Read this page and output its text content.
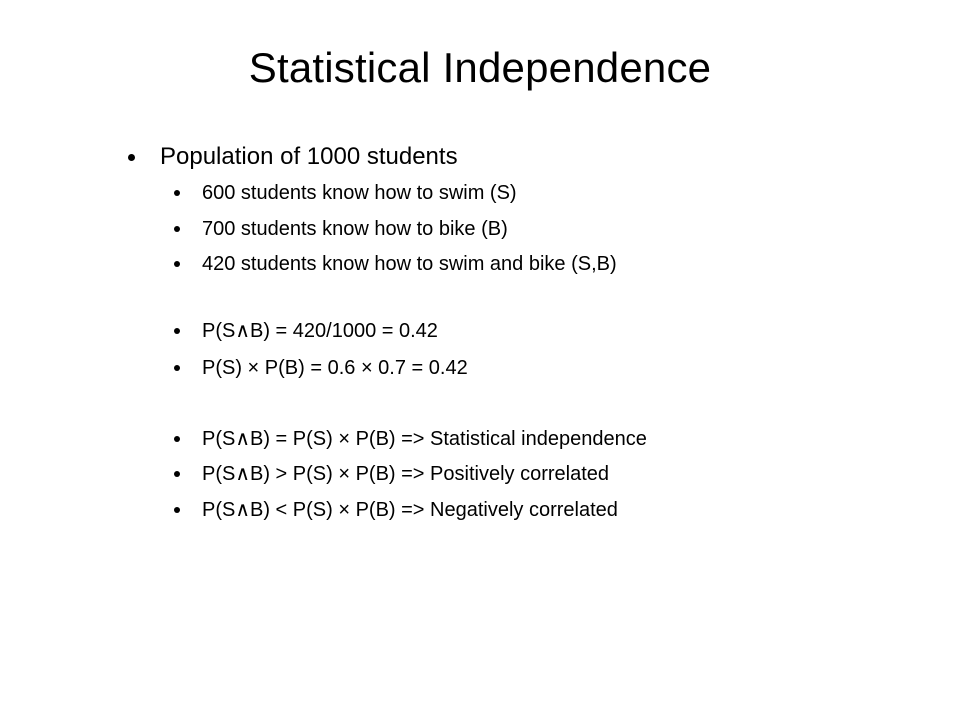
Statistical Independence
Population of 1000 students
600 students know how to swim (S)
700 students know how to bike (B)
420 students know how to swim and bike (S,B)
P(S∧B) = 420/1000 = 0.42
P(S) × P(B) = 0.6 × 0.7 = 0.42
P(S∧B) = P(S) × P(B) => Statistical independence
P(S∧B) > P(S) × P(B) => Positively correlated
P(S∧B) < P(S) × P(B) => Negatively correlated
